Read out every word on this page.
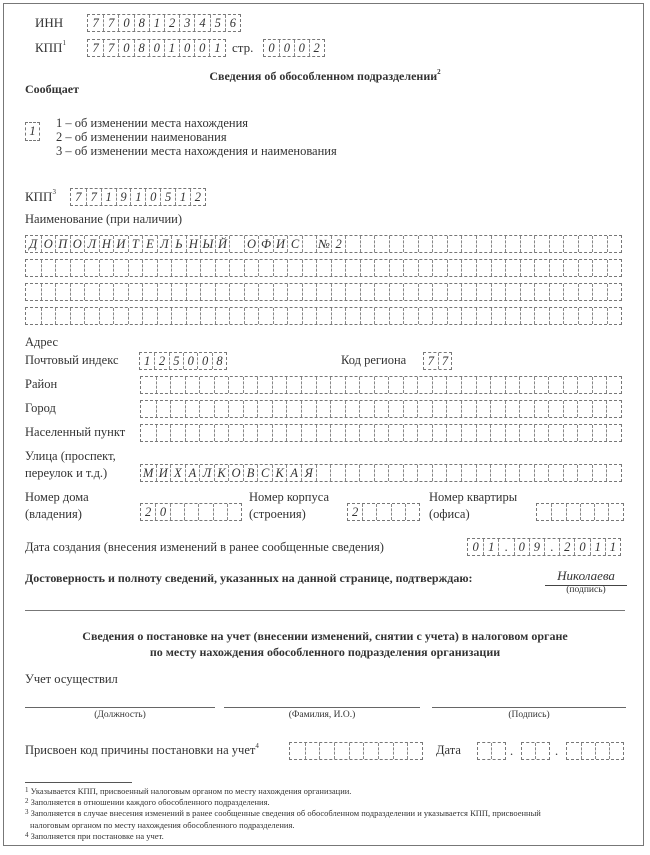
ИНН	7 7 0 8 1 2 3 4 5 6
КПП$^1$	7 7 0 8 0 1 0 0 1 стр.	0 0 0 2
Сведения об обособленном подразделении$^2$
Сообщает
1
1 – об изменении места нахождения
2 – об изменении наименования
3 – об изменении места нахождения и наименования
КПП$^3$	7 7 1 9 1 0 5 1 2
Наименование (при наличии)
Д О П О Л Н И Т Е Л Ь Н Ы Й О Ф И С № 2
Адрес
Почтовый индекс	1 2 5 0 0 8	Код региона 7 7
Район
Город
Населенный пункт
Улица (проспект,
переулок и т.д.)	М И Х А Л К О В С К А Я
Номер дома
(владения)	2 0
Номер корпуса
(строения)	2
Номер квартиры
(офиса)
Дата создания (внесения изменений в ранее сообщенные сведения)	0 1 . 0 9 . 2 0 1 1
Достоверность и полноту сведений, указанных на данной странице, подтверждаю:	Николаева
(подпись)
Сведения о постановке на учет (внесении изменений, снятии с учета) в налоговом органе
по месту нахождения обособленного подразделения организации
Учет осуществил
(Должность)	(Фамилия, И.О.)	(Подпись)
Присвоен код причины постановки на учет$^4$	Дата	.	.
$^1$ Указывается КПП, присвоенный налоговым органом по месту нахождения организации.
$^2$ Заполняется в отношении каждого обособленного подразделения.
$^3$ Заполняется в случае внесения изменений в ранее сообщенные сведения об обособленном подразделении и указывается КПП, присвоенный
налоговым органом по месту нахождения обособленного подразделения.
$^4$ Заполняется при постановке на учет.
